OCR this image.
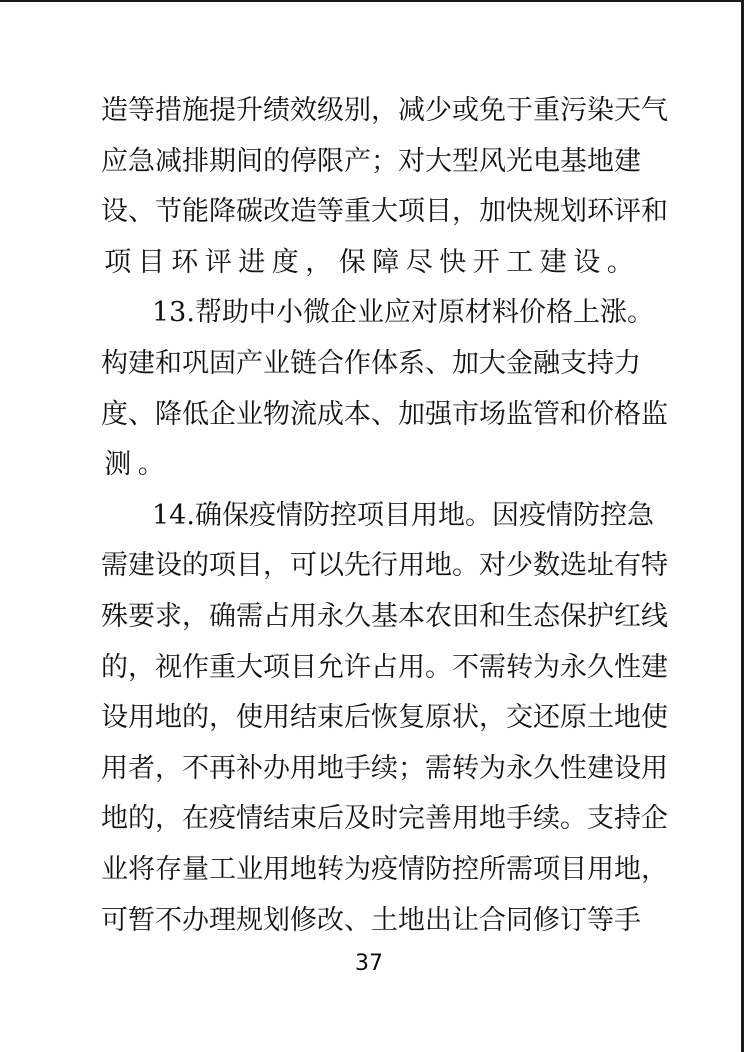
造 等 措 施 提 升 绩 效 级 别 ， 减 少 或 免 于 重 污 染 天 气
应 急 减 排 期 间 的 停 限 产 ； 对 大 型 风 光 电 基 地 建
设 、 节 能 降 碳 改 造 等 重 大 项 目 ， 加 快 规 划 环 评 和
项 目 环 评 进 度 ， 保 障 尽 快 开 工 建 设 。
13. 帮 助 中 小 微 企 业 应 对 原 材 料 价 格 上 涨 。
构 建 和 巩 固 产 业 链 合 作 体 系 、 加 大 金 融 支 持 力
度 、 降 低 企 业 物 流 成 本 、 加 强 市 场 监 管 和 价 格 监
测 。
14. 确 保 疫 情 防 控 项 目 用 地 。 因 疫 情 防 控 急
需 建 设 的 项 目 ， 可 以 先 行 用 地 。 对 少 数 选 址 有 特
殊 要 求 ， 确 需 占 用 永 久 基 本 农 田 和 生 态 保 护 红 线
的 ， 视 作 重 大 项 目 允 许 占 用 。 不 需 转 为 永 久 性 建
设 用 地 的 ， 使 用 结 束 后 恢 复 原 状 ， 交 还 原 土 地 使
用 者 ， 不 再 补 办 用 地 手 续 ； 需 转 为 永 久 性 建 设 用
地 的 ， 在 疫 情 结 束 后 及 时 完 善 用 地 手 续 。 支 持 企
业 将 存 量 工 业 用 地 转 为 疫 情 防 控 所 需 项 目 用 地 ，
可 暂 不 办 理 规 划 修 改 、 土 地 出 让 合 同 修 订 等 手
37
